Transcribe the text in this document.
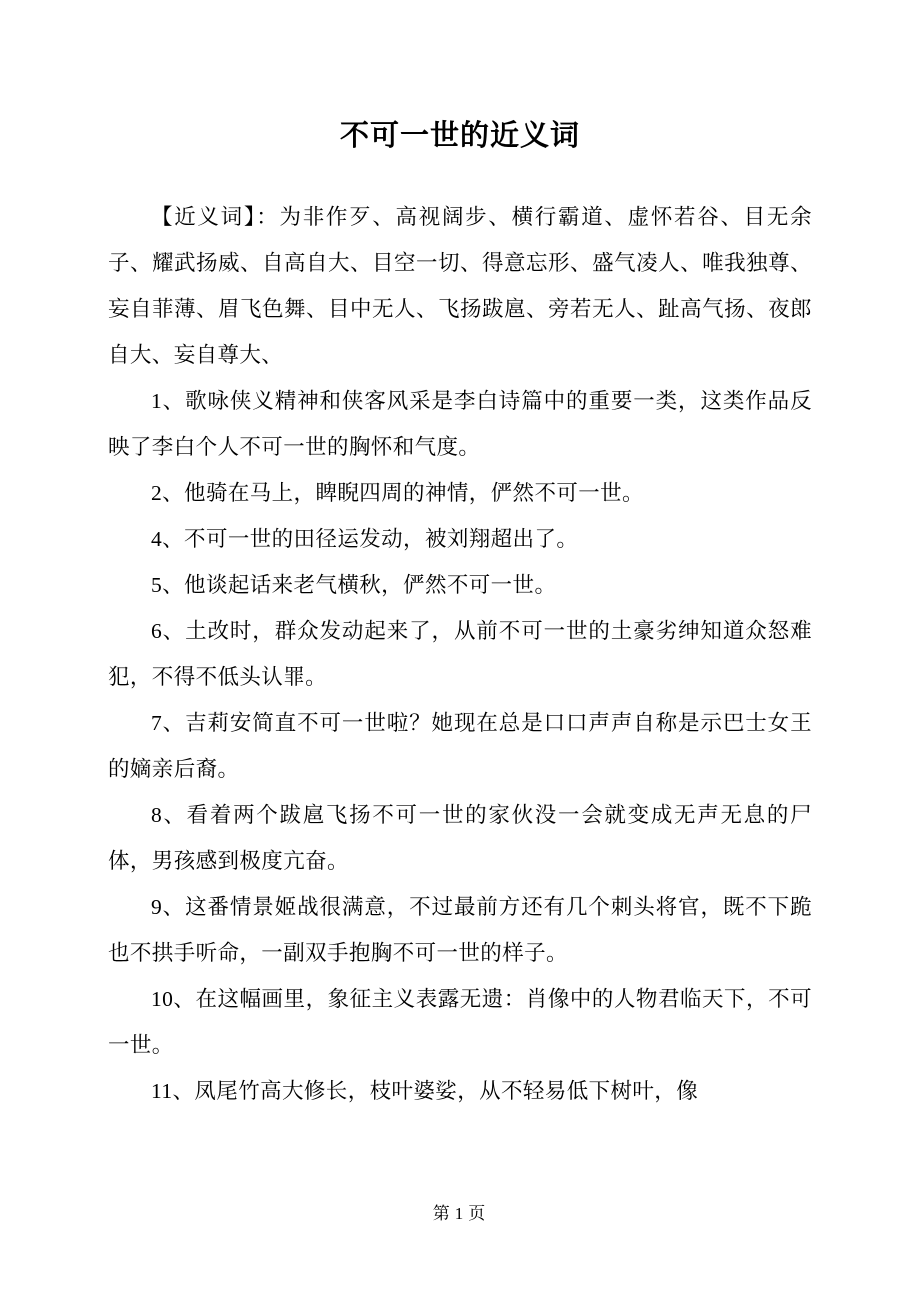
不可一世的近义词

【近义词】：为非作歹、高视阔步、横行霸道、虚怀若谷、目无余子、耀武扬威、自高自大、目空一切、得意忘形、盛气凌人、唯我独尊、妄自菲薄、眉飞色舞、目中无人、飞扬跋扈、旁若无人、趾高气扬、夜郎自大、妄自尊大、

1、歌咏侠义精神和侠客风采是李白诗篇中的重要一类，这类作品反映了李白个人不可一世的胸怀和气度。

2、他骑在马上，睥睨四周的神情，俨然不可一世。

4、不可一世的田径运发动，被刘翔超出了。

5、他谈起话来老气横秋，俨然不可一世。

6、土改时，群众发动起来了，从前不可一世的土豪劣绅知道众怒难犯，不得不低头认罪。

7、吉莉安简直不可一世啦？她现在总是口口声声自称是示巴士女王的嫡亲后裔。

8、看着两个跋扈飞扬不可一世的家伙没一会就变成无声无息的尸体，男孩感到极度亢奋。

9、这番情景姬战很满意，不过最前方还有几个刺头将官，既不下跪也不拱手听命，一副双手抱胸不可一世的样子。

10、在这幅画里，象征主义表露无遗：肖像中的人物君临天下，不可一世。

11、凤尾竹高大修长，枝叶婆娑，从不轻易低下树叶，像

第 1 页
